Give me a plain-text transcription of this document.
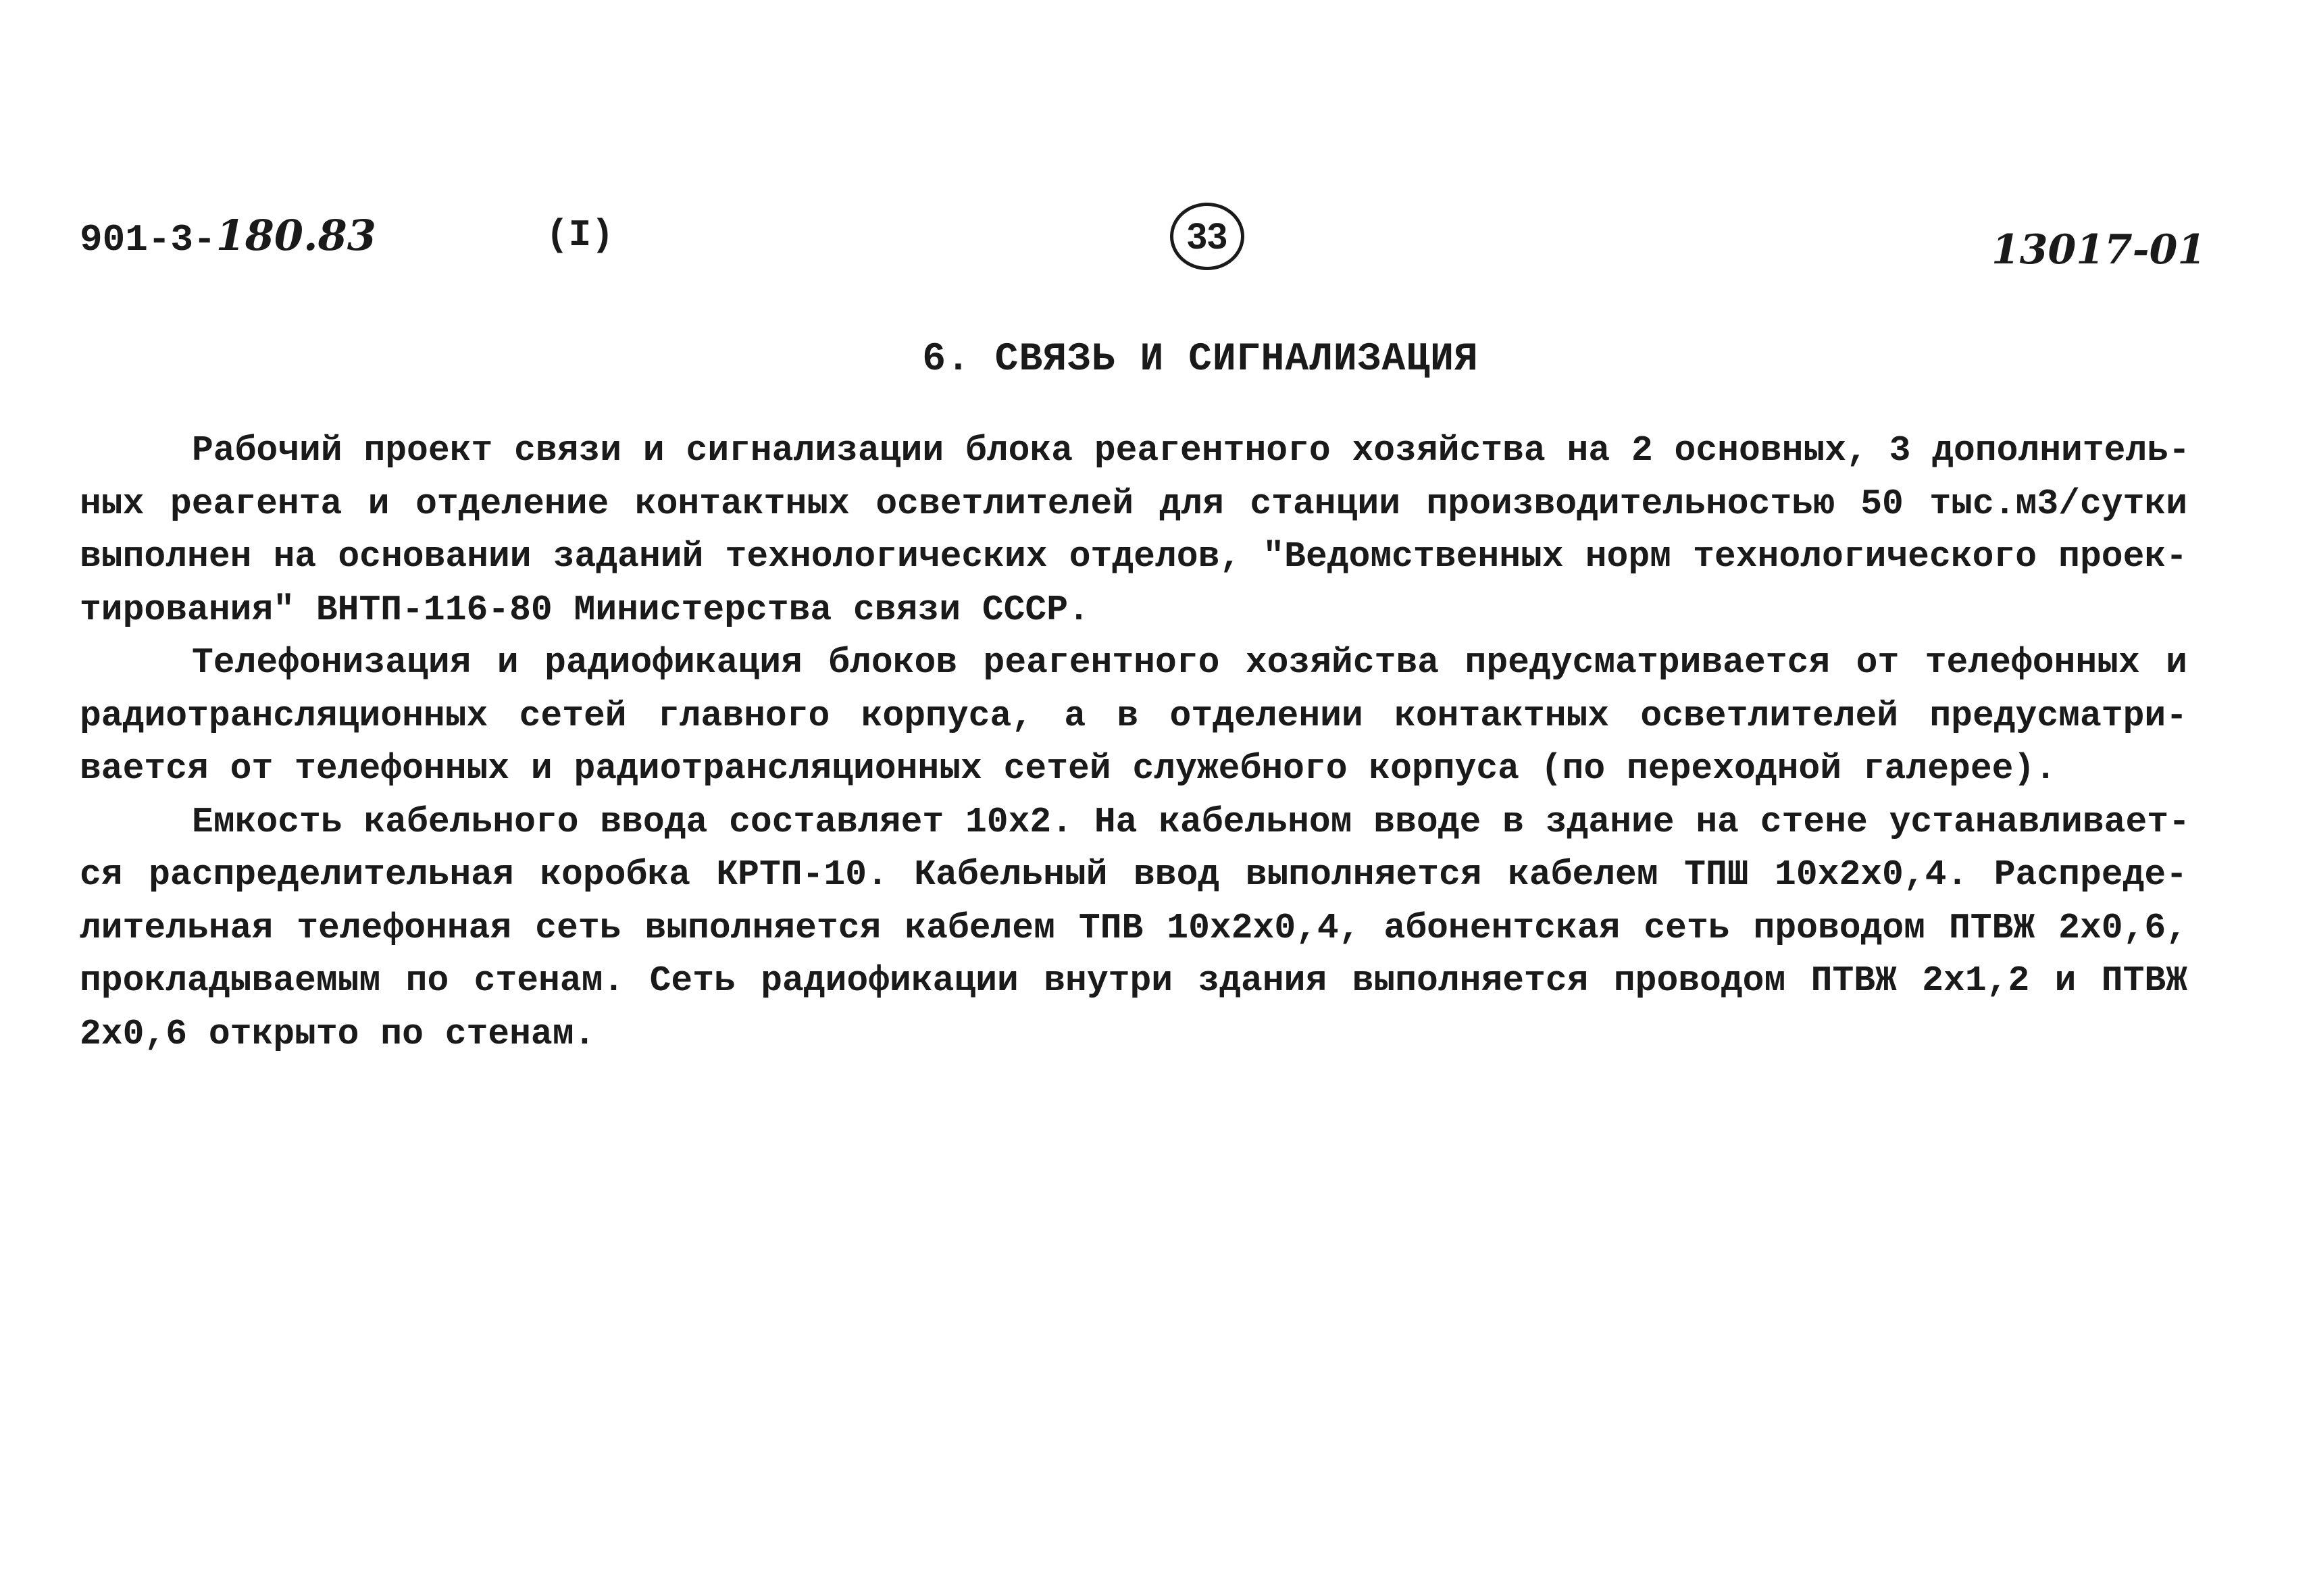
901-3-180.83	(I)	33	13017-01
6. СВЯЗЬ И СИГНАЛИЗАЦИЯ
Рабочий проект связи и сигнализации блока реагентного хозяйства на 2 основных, 3 дополнитель-
ных реагента и отделение контактных осветлителей для станции производительностью 50 тыс.м3/сутки
выполнен на основании заданий технологических отделов, "Ведомственных норм технологического проек-
тирования" ВНТП-116-80 Министерства связи СССР.
Телефонизация и радиофикация блоков реагентного хозяйства предусматривается от телефонных и
радиотрансляционных сетей главного корпуса, а в отделении контактных осветлителей предусматри-
вается от телефонных и радиотрансляционных сетей служебного корпуса (по переходной галерее).
Емкость кабельного ввода составляет 10х2. На кабельном вводе в здание на стене устанавливает-
ся распределительная коробка КРТП-10. Кабельный ввод выполняется кабелем ТПШ 10х2х0,4. Распреде-
лительная телефонная сеть выполняется кабелем ТПВ 10х2х0,4, абонентская сеть проводом ПТВЖ 2х0,6,
прокладываемым по стенам. Сеть радиофикации внутри здания выполняется проводом ПТВЖ 2х1,2 и ПТВЖ
2х0,6 открыто по стенам.
